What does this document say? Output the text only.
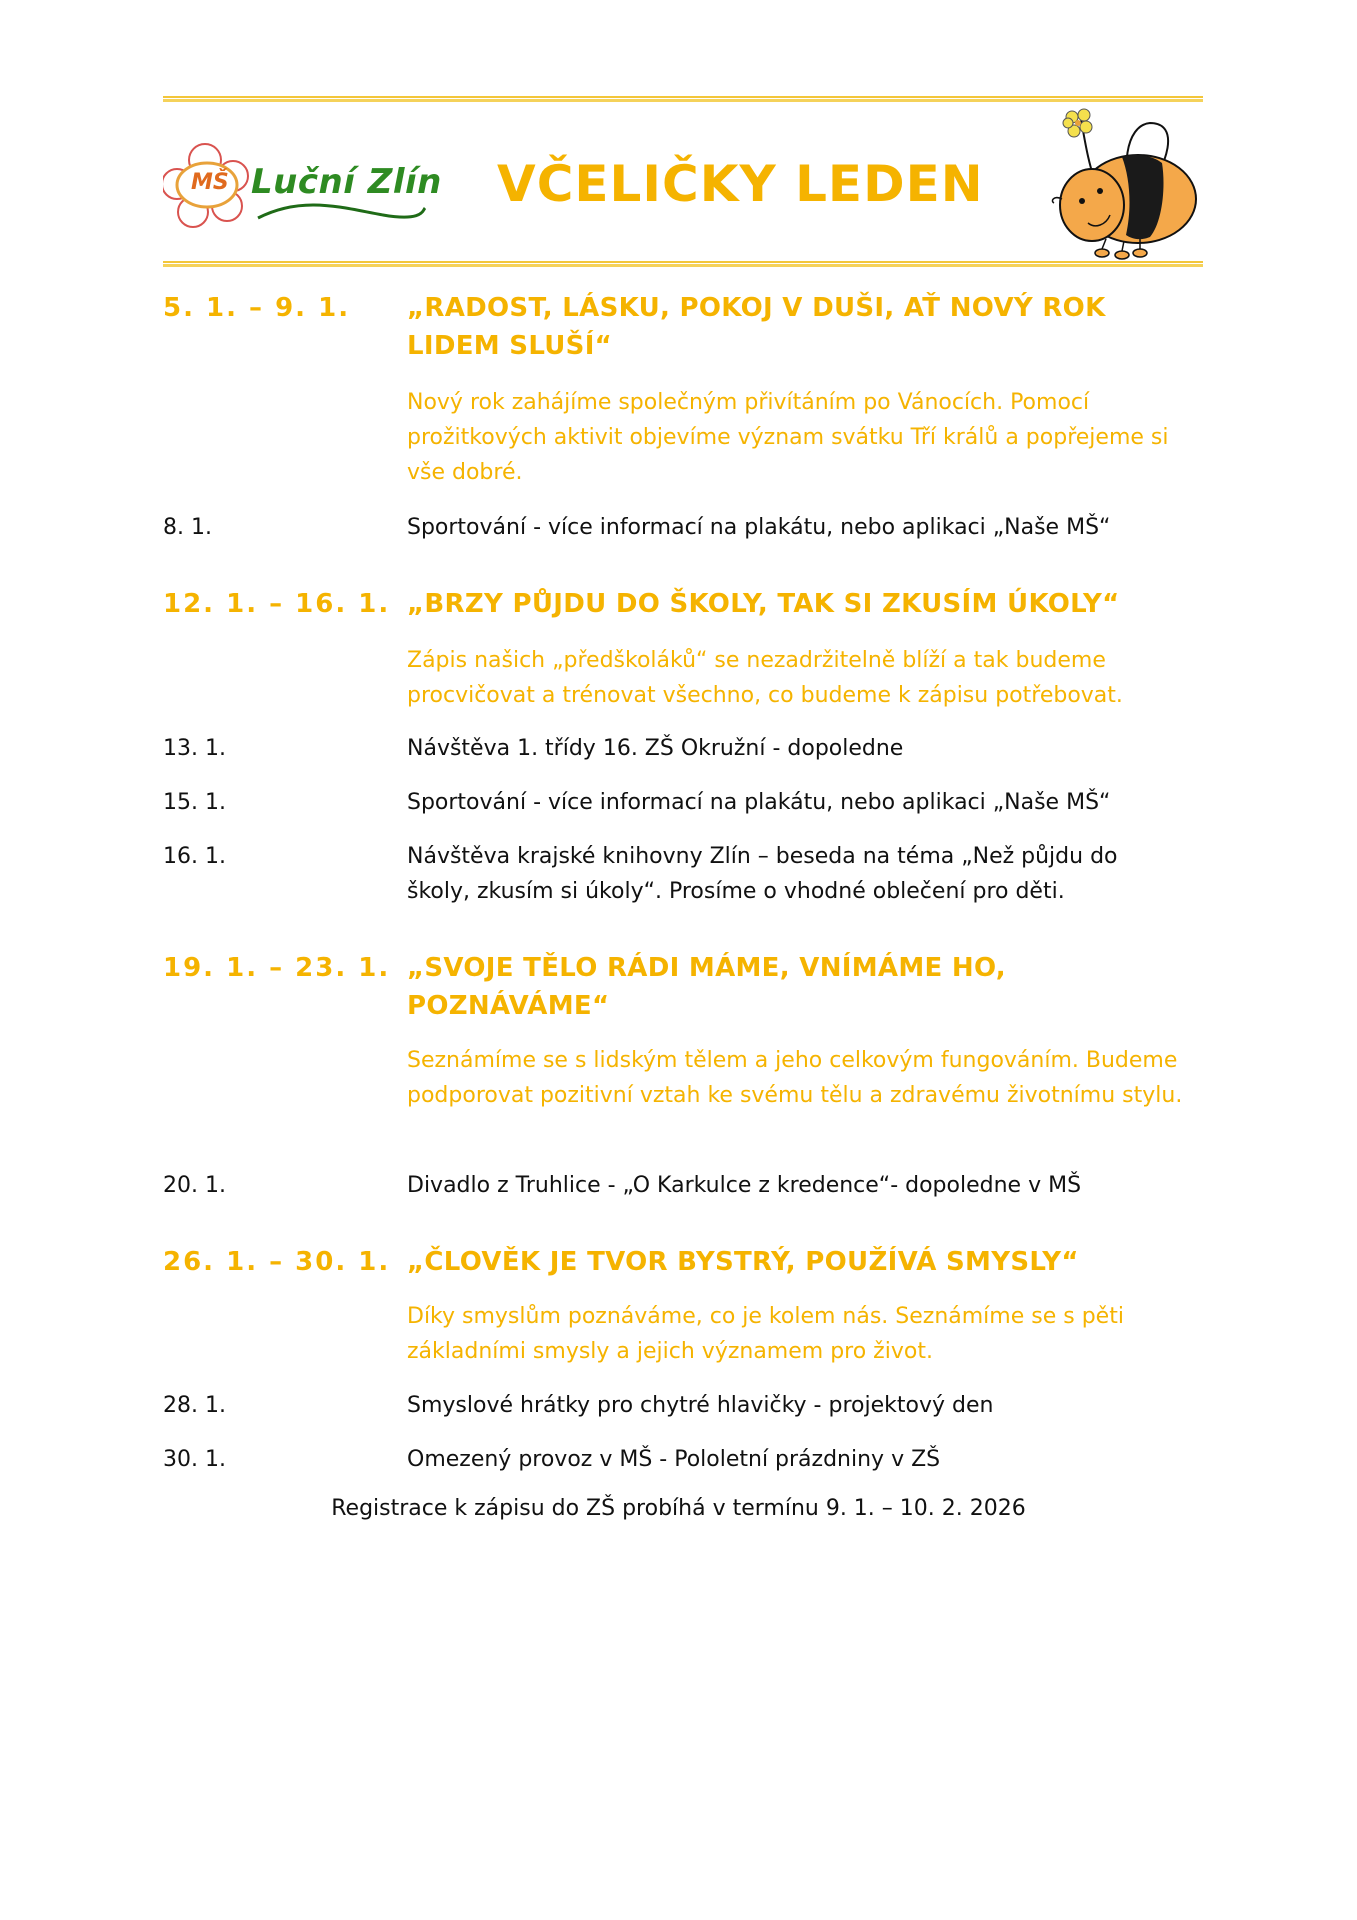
MŠ Luční Zlín VČELIČKY LEDEN
5. 1. – 9. 1. „RADOST, LÁSKU, POKOJ V DUŠI, AŤ NOVÝ ROK LIDEM SLUŠÍ“
Nový rok zahájíme společným přivítáním po Vánocích. Pomocí prožitkových aktivit objevíme význam svátku Tří králů a popřejeme si vše dobré.
8. 1.	Sportování - více informací na plakátu, nebo aplikaci „Naše MŠ“
12. 1. – 16. 1. „BRZY PŮJDU DO ŠKOLY, TAK SI ZKUSÍM ÚKOLY“
Zápis našich „předškoláků“ se nezadržitelně blíží a tak budeme procvičovat a trénovat všechno, co budeme k zápisu potřebovat.
13. 1.	Návštěva 1. třídy 16. ZŠ Okružní - dopoledne
15. 1.	Sportování - více informací na plakátu, nebo aplikaci „Naše MŠ“
16. 1.	Návštěva krajské knihovny Zlín – beseda na téma „Než půjdu do školy, zkusím si úkoly“. Prosíme o vhodné oblečení pro děti.
19. 1. – 23. 1. „SVOJE TĚLO RÁDI MÁME, VNÍMÁME HO, POZNÁVÁME“
Seznámíme se s lidským tělem a jeho celkovým fungováním. Budeme podporovat pozitivní vztah ke svému tělu a zdravému životnímu stylu.
20. 1.	Divadlo z Truhlice - „O Karkulce z kredence“- dopoledne v MŠ
26. 1. – 30. 1. „ČLOVĚK JE TVOR BYSTRÝ, POUŽÍVÁ SMYSLY“
Díky smyslům poznáváme, co je kolem nás. Seznámíme se s pěti základními smysly a jejich významem pro život.
28. 1.	Smyslové hrátky pro chytré hlavičky - projektový den
30. 1.	Omezený provoz v MŠ - Pololetní prázdniny v ZŠ
Registrace k zápisu do ZŠ probíhá v termínu 9. 1. – 10. 2. 2026
